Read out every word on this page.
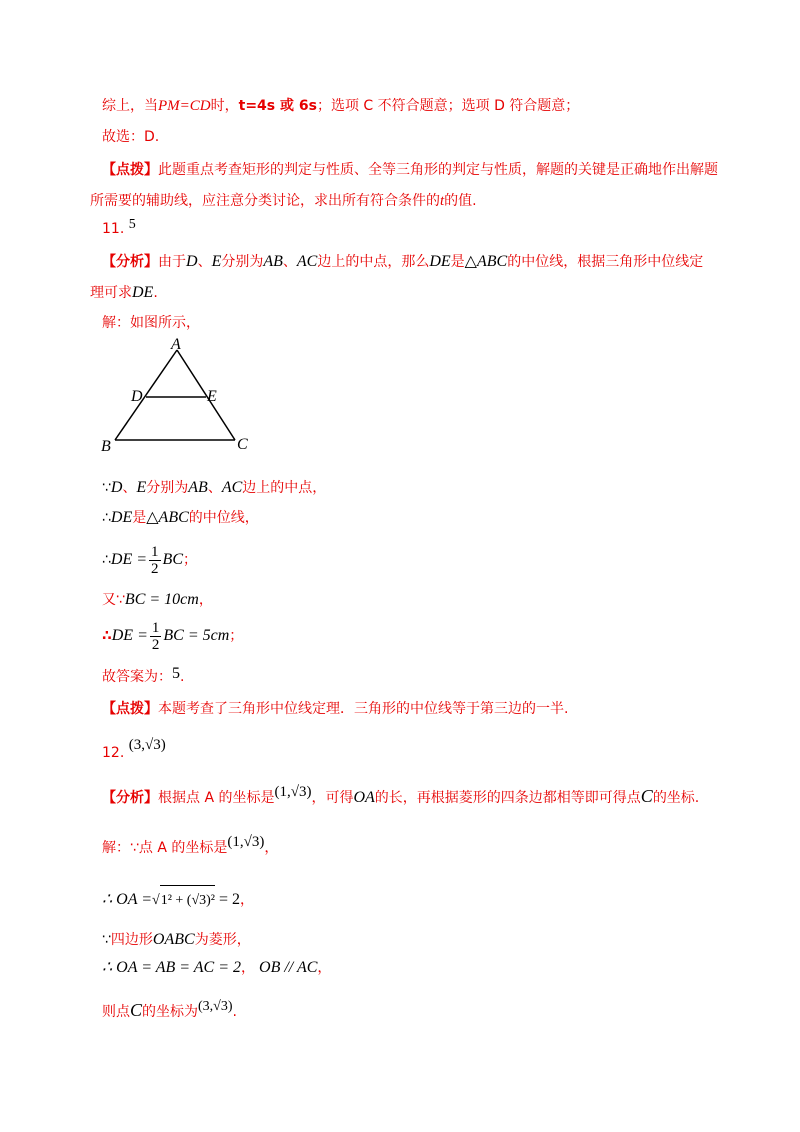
综上，当PM=CD时，t=4s 或 6s；选项 C 不符合题意；选项 D 符合题意；
故选：D.
【点拨】此题重点考查矩形的判定与性质、全等三角形的判定与性质，解题的关键是正确地作出解题
所需要的辅助线，应注意分类讨论，求出所有符合条件的t的值.
11. 5
【分析】由于D、E分别为AB、AC边上的中点，那么DE是△ABC的中位线，根据三角形中位线定
理可求DE.
解：如图所示，
A
D	E
B	C
∵D、E分别为AB、AC边上的中点，
∴DE是△ABC的中位线，
∴DE = $\frac{1}{2}$ BC；
又∵BC = 10cm，
∴DE = $\frac{1}{2}$ BC = 5cm；
故答案为：5.
【点拨】本题考查了三角形中位线定理．三角形的中位线等于第三边的一半.
12. (3,√3)
【分析】根据点 A 的坐标是(1,√3)，可得OA的长，再根据菱形的四条边都相等即可得点C的坐标.
解：∵点 A 的坐标是(1,√3)，
∴ OA =√1² + (√3)² = 2，
∵四边形OABC为菱形，
∴ OA = AB = AC = 2， OB // AC，
则点C的坐标为(3,√3).
